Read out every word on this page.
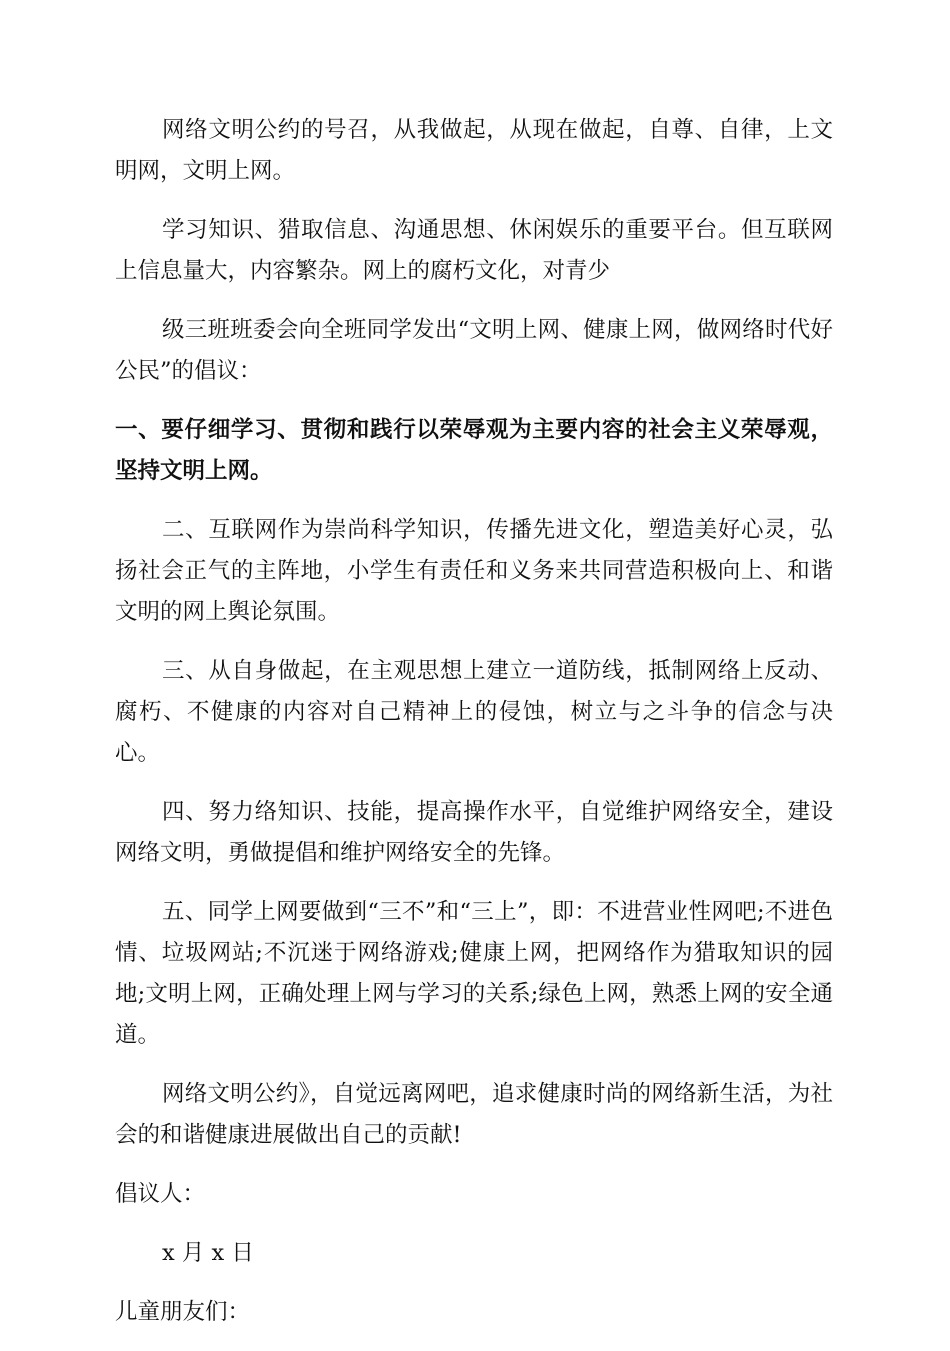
网络文明公约的号召，从我做起，从现在做起，自尊、自律，上文明网，文明上网。

学习知识、猎取信息、沟通思想、休闲娱乐的重要平台。但互联网上信息量大，内容繁杂。网上的腐朽文化，对青少

级三班班委会向全班同学发出“文明上网、健康上网，做网络时代好公民”的倡议：

一、要仔细学习、贯彻和践行以荣辱观为主要内容的社会主义荣辱观，坚持文明上网。

二、互联网作为崇尚科学知识，传播先进文化，塑造美好心灵，弘扬社会正气的主阵地，小学生有责任和义务来共同营造积极向上、和谐文明的网上舆论氛围。

三、从自身做起，在主观思想上建立一道防线，抵制网络上反动、腐朽、不健康的内容对自己精神上的侵蚀，树立与之斗争的信念与决心。

四、努力络知识、技能，提高操作水平，自觉维护网络安全，建设网络文明，勇做提倡和维护网络安全的先锋。

五、同学上网要做到“三不”和“三上”，即：不进营业性网吧;不进色情、垃圾网站;不沉迷于网络游戏;健康上网，把网络作为猎取知识的园地;文明上网，正确处理上网与学习的关系;绿色上网，熟悉上网的安全通道。

网络文明公约》，自觉远离网吧，追求健康时尚的网络新生活，为社会的和谐健康进展做出自己的贡献!

倡议人：
x 月 x 日
儿童朋友们：
